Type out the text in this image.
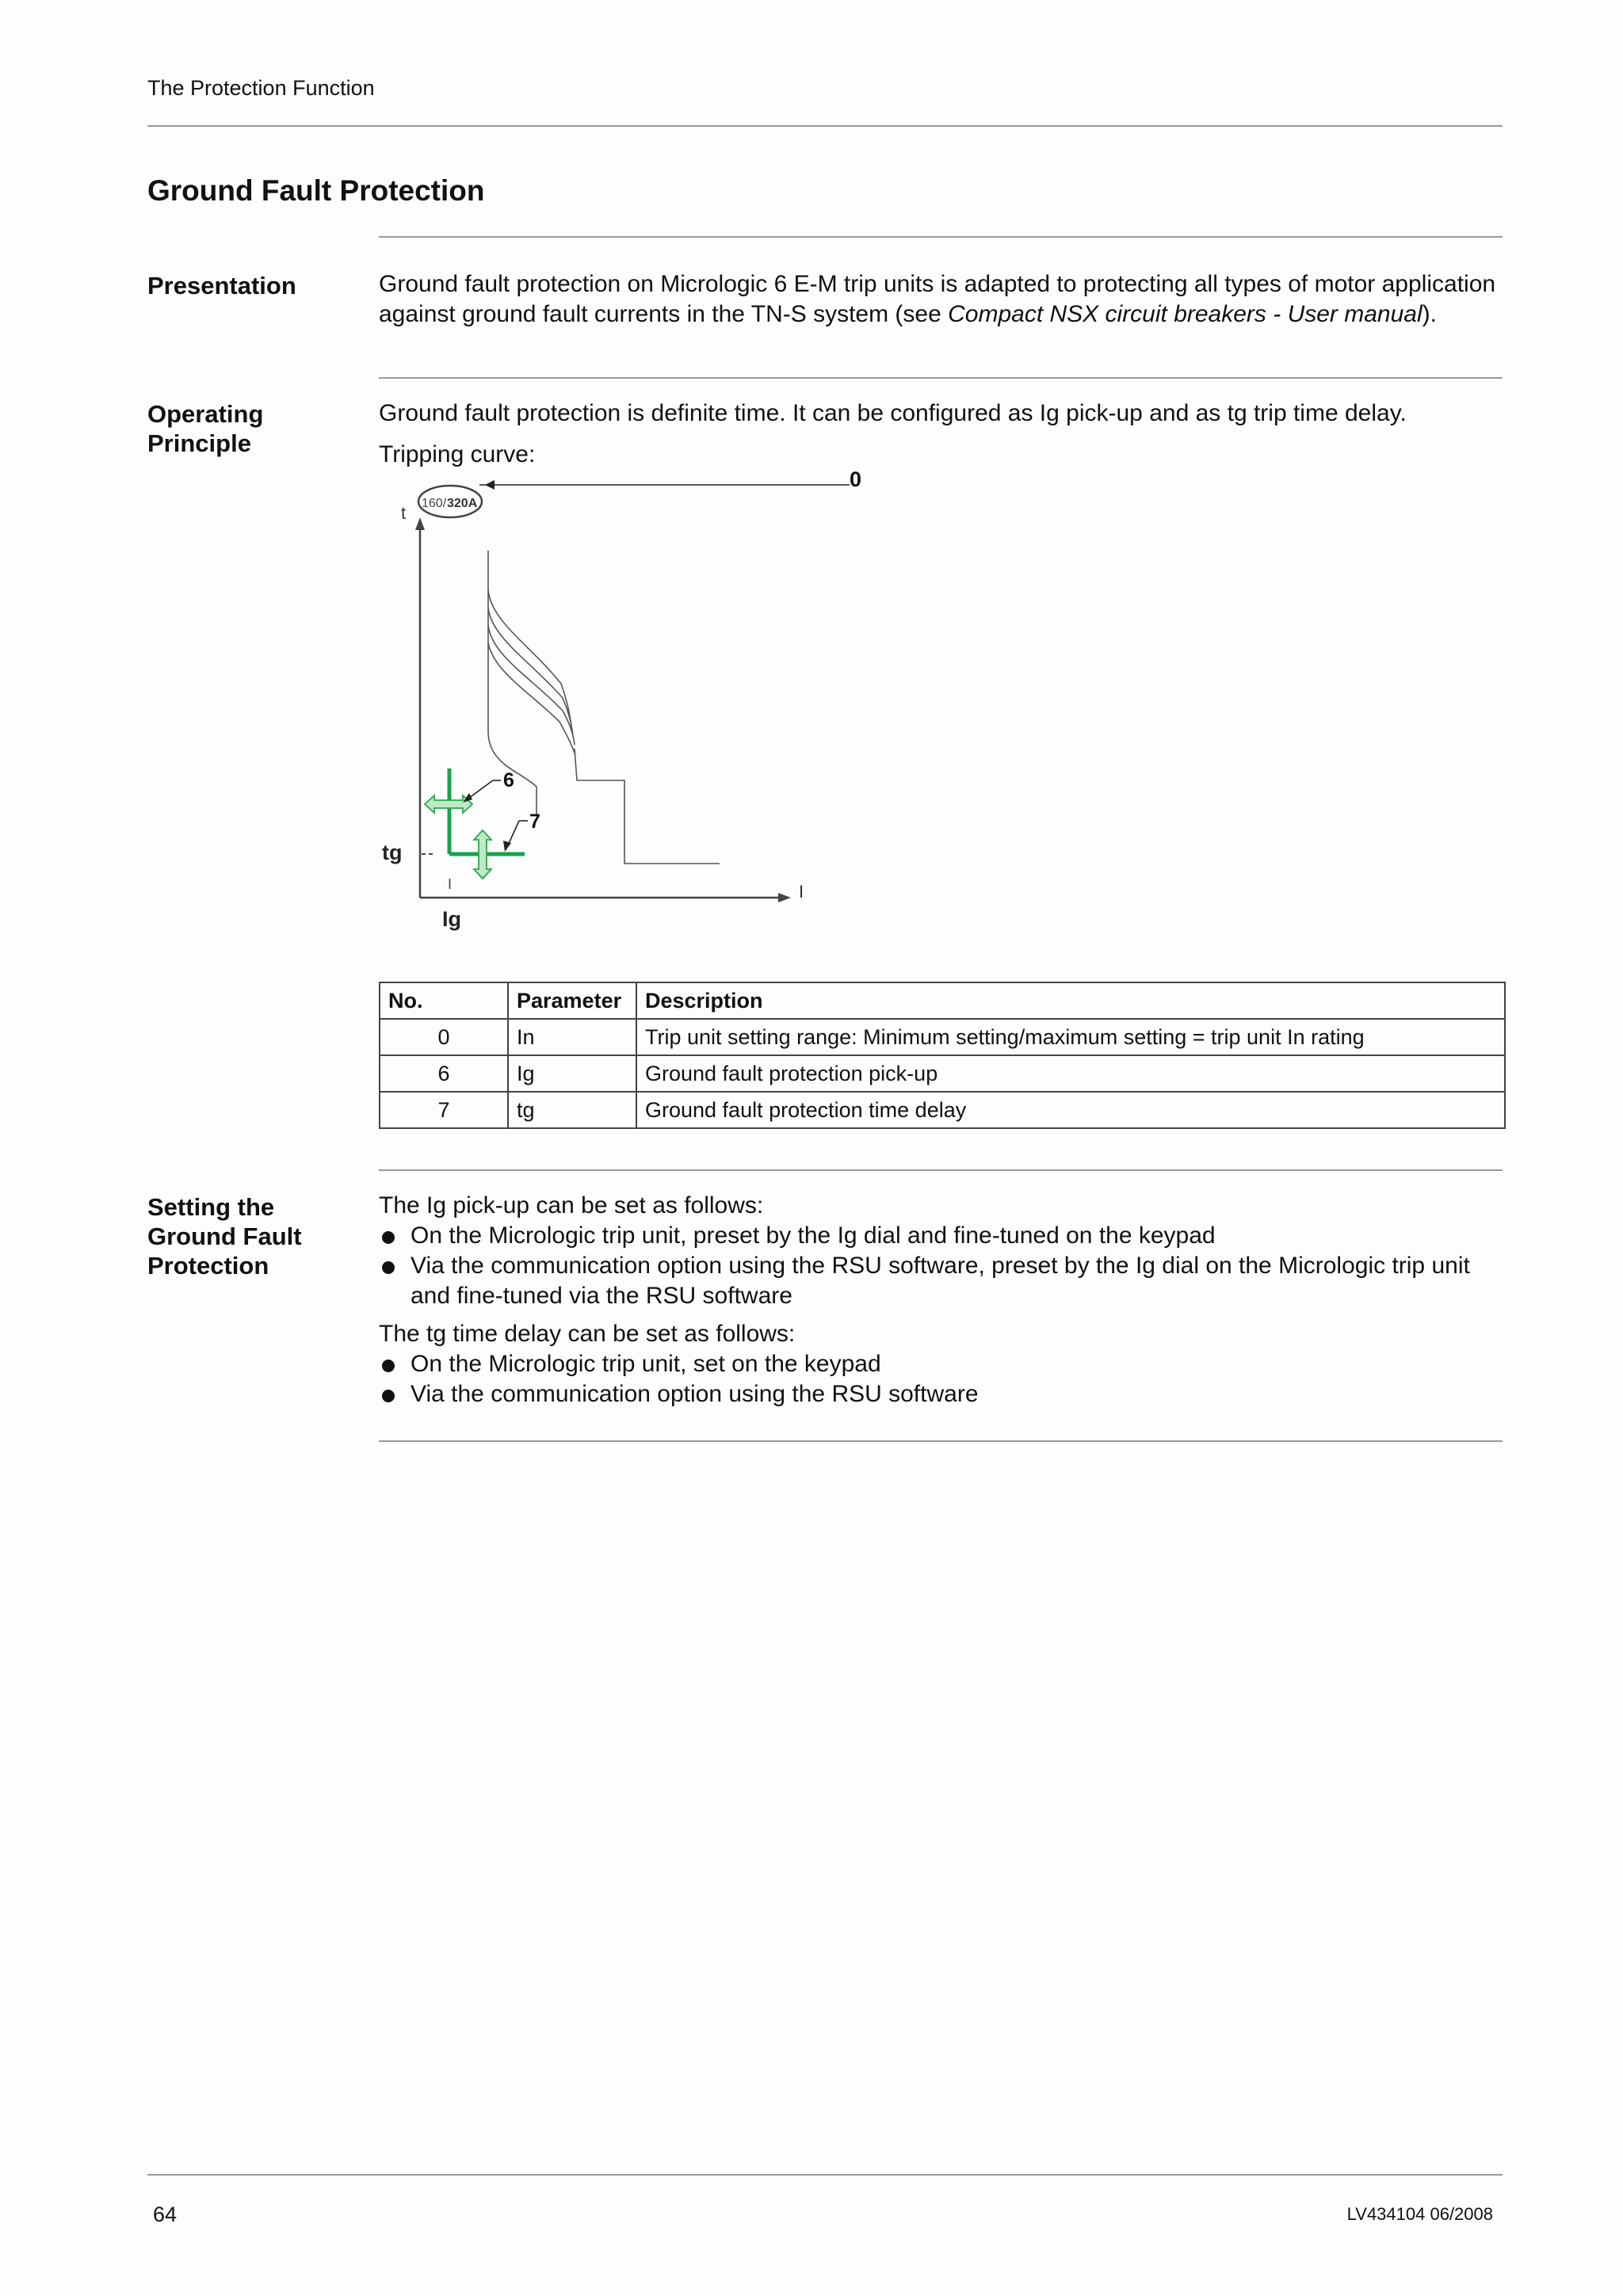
The Protection Function
Ground Fault Protection
Presentation	Ground fault protection on Micrologic 6 E-M trip units is adapted to protecting all types of motor application against ground fault currents in the TN-S system (see Compact NSX circuit breakers - User manual).

Operating
Principle

Ground fault protection is definite time. It can be configured as Ig pick-up and as tg trip time delay.

Tripping curve:

0
160/ 320A
t
I
tg
I
Ig
6
7
No.	Parameter	Description
0	In	Trip unit setting range: Minimum setting/maximum setting = trip unit In rating
6	Ig	Ground fault protection pick-up
7	tg	Ground fault protection time delay
Setting the
Ground Fault
Protection

The Ig pick-up can be set as follows:

On the Micrologic trip unit, preset by the Ig dial and fine-tuned on the keypad
Via the communication option using the RSU software, preset by the Ig dial on the Micrologic trip unit and fine-tuned via the RSU software

The tg time delay can be set as follows:

On the Micrologic trip unit, set on the keypad
Via the communication option using the RSU software
64	LV434104 06/2008
